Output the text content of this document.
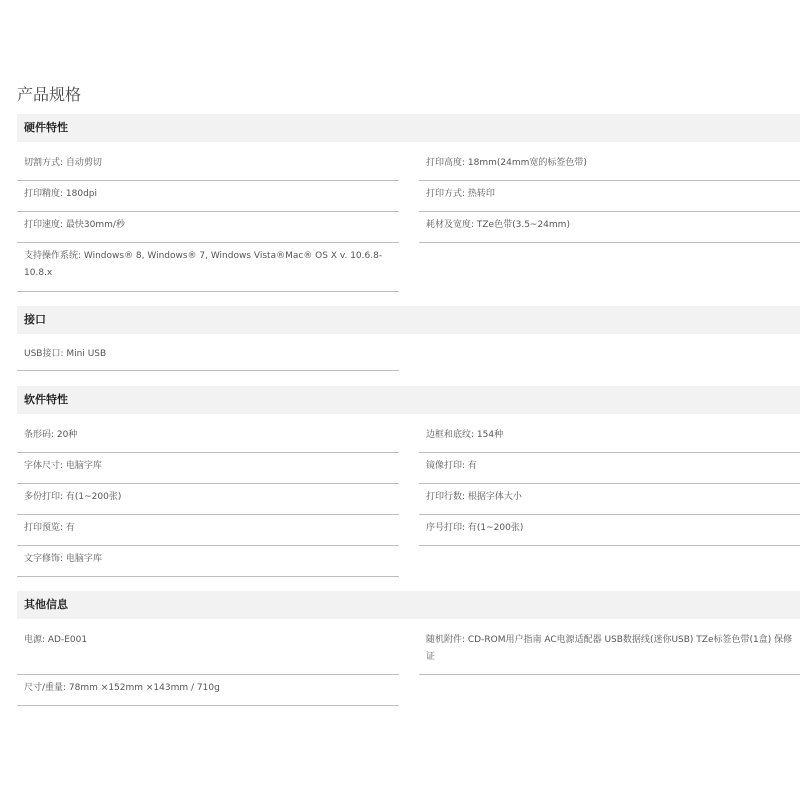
产品规格
硬件特性
切割方式: 自动剪切	打印高度: 18mm(24mm宽的标签色带)
打印精度: 180dpi	打印方式: 热转印
打印速度: 最快30mm/秒	耗材及宽度: TZe色带(3.5~24mm)
支持操作系统: Windows® 8, Windows® 7, Windows Vista®Mac® OS X v. 10.6.8-10.8.x
接口
USB接口: Mini USB
软件特性
条形码: 20种	边框和底纹: 154种
字体尺寸: 电脑字库	镜像打印: 有
多份打印: 有(1~200张)	打印行数: 根据字体大小
打印预览: 有	序号打印: 有(1~200张)
文字修饰: 电脑字库
其他信息
电源: AD-E001	随机附件: CD-ROM用户指南 AC电源适配器 USB数据线(迷你USB) TZe标签色带(1盒) 保修证
尺寸/重量: 78mm ×152mm ×143mm / 710g
